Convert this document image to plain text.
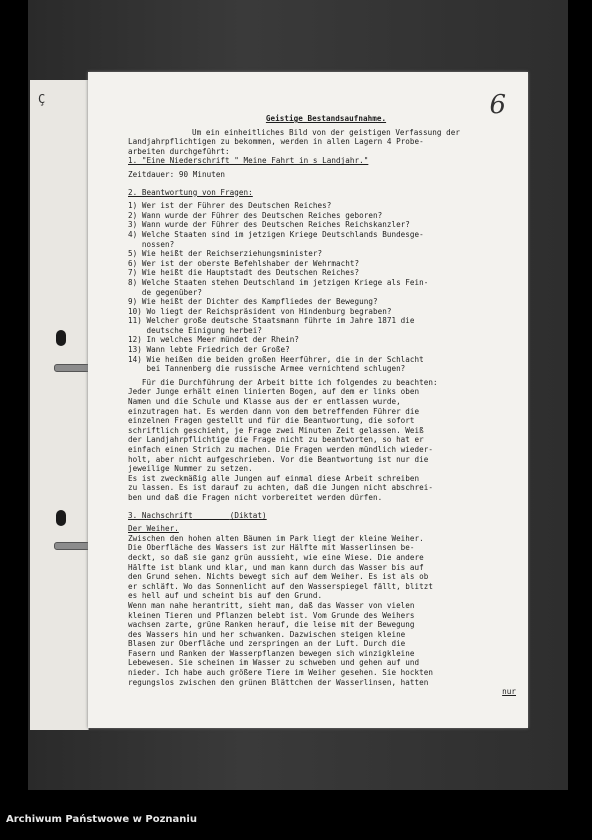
Ç	6
Geistige Bestandsaufnahme.
Um ein einheitliches Bild von der geistigen Verfassung der
Landjahrpflichtigen zu bekommen, werden in allen Lagern 4 Probe-
arbeiten durchgeführt:
1. "Eine Niederschrift " Meine Fahrt in s Landjahr."
Zeitdauer: 90 Minuten
2. Beantwortung von Fragen:
1) Wer ist der Führer des Deutschen Reiches?
2) Wann wurde der Führer des Deutschen Reiches geboren?
3) Wann wurde der Führer des Deutschen Reiches Reichskanzler?
4) Welche Staaten sind im jetzigen Kriege Deutschlands Bundesge-
nossen?
5) Wie heißt der Reichserziehungsminister?
6) Wer ist der oberste Befehlshaber der Wehrmacht?
7) Wie heißt die Hauptstadt des Deutschen Reiches?
8) Welche Staaten stehen Deutschland im jetzigen Kriege als Fein-
de gegenüber?
9) Wie heißt der Dichter des Kampfliedes der Bewegung?
10) Wo liegt der Reichspräsident von Hindenburg begraben?
11) Welcher große deutsche Staatsmann führte im Jahre 1871 die
deutsche Einigung herbei?
12) In welches Meer mündet der Rhein?
13) Wann lebte Friedrich der Große?
14) Wie heißen die beiden großen Heerführer, die in der Schlacht
bei Tannenberg die russische Armee vernichtend schlugen?
Für die Durchführung der Arbeit bitte ich folgendes zu beachten:
Jeder Junge erhält einen linierten Bogen, auf dem er links oben
Namen und die Schule und Klasse aus der er entlassen wurde,
einzutragen hat. Es werden dann von dem betreffenden Führer die
einzelnen Fragen gestellt und für die Beantwortung, die sofort
schriftlich geschieht, je Frage zwei Minuten Zeit gelassen. Weiß
der Landjahrpflichtige die Frage nicht zu beantworten, so hat er
einfach einen Strich zu machen. Die Fragen werden mündlich wieder-
holt, aber nicht aufgeschrieben. Vor die Beantwortung ist nur die
jeweilige Nummer zu setzen.
Es ist zweckmäßig alle Jungen auf einmal diese Arbeit schreiben
zu lassen. Es ist darauf zu achten, daß die Jungen nicht abschrei-
ben und daß die Fragen nicht vorbereitet werden dürfen.
3. Nachschrift	(Diktat)
Der Weiher.
Zwischen den hohen alten Bäumen im Park liegt der kleine Weiher.
Die Oberfläche des Wassers ist zur Hälfte mit Wasserlinsen be-
deckt, so daß sie ganz grün aussieht, wie eine Wiese. Die andere
Hälfte ist blank und klar, und man kann durch das Wasser bis auf
den Grund sehen. Nichts bewegt sich auf dem Weiher. Es ist als ob
er schläft. Wo das Sonnenlicht auf den Wasserspiegel fällt, blitzt
es hell auf und scheint bis auf den Grund.
Wenn man nahe herantritt, sieht man, daß das Wasser von vielen
kleinen Tieren und Pflanzen belebt ist. Vom Grunde des Weihers
wachsen zarte, grüne Ranken herauf, die leise mit der Bewegung
des Wassers hin und her schwanken. Dazwischen steigen kleine
Blasen zur Oberfläche und zerspringen an der Luft. Durch die
Fasern und Ranken der Wasserpflanzen bewegen sich winzigkleine
Lebewesen. Sie scheinen im Wasser zu schweben und gehen auf und
nieder. Ich habe auch größere Tiere im Weiher gesehen. Sie hockten
regungslos zwischen den grünen Blättchen der Wasserlinsen, hatten
nur
Archiwum Państwowe w Poznaniu
